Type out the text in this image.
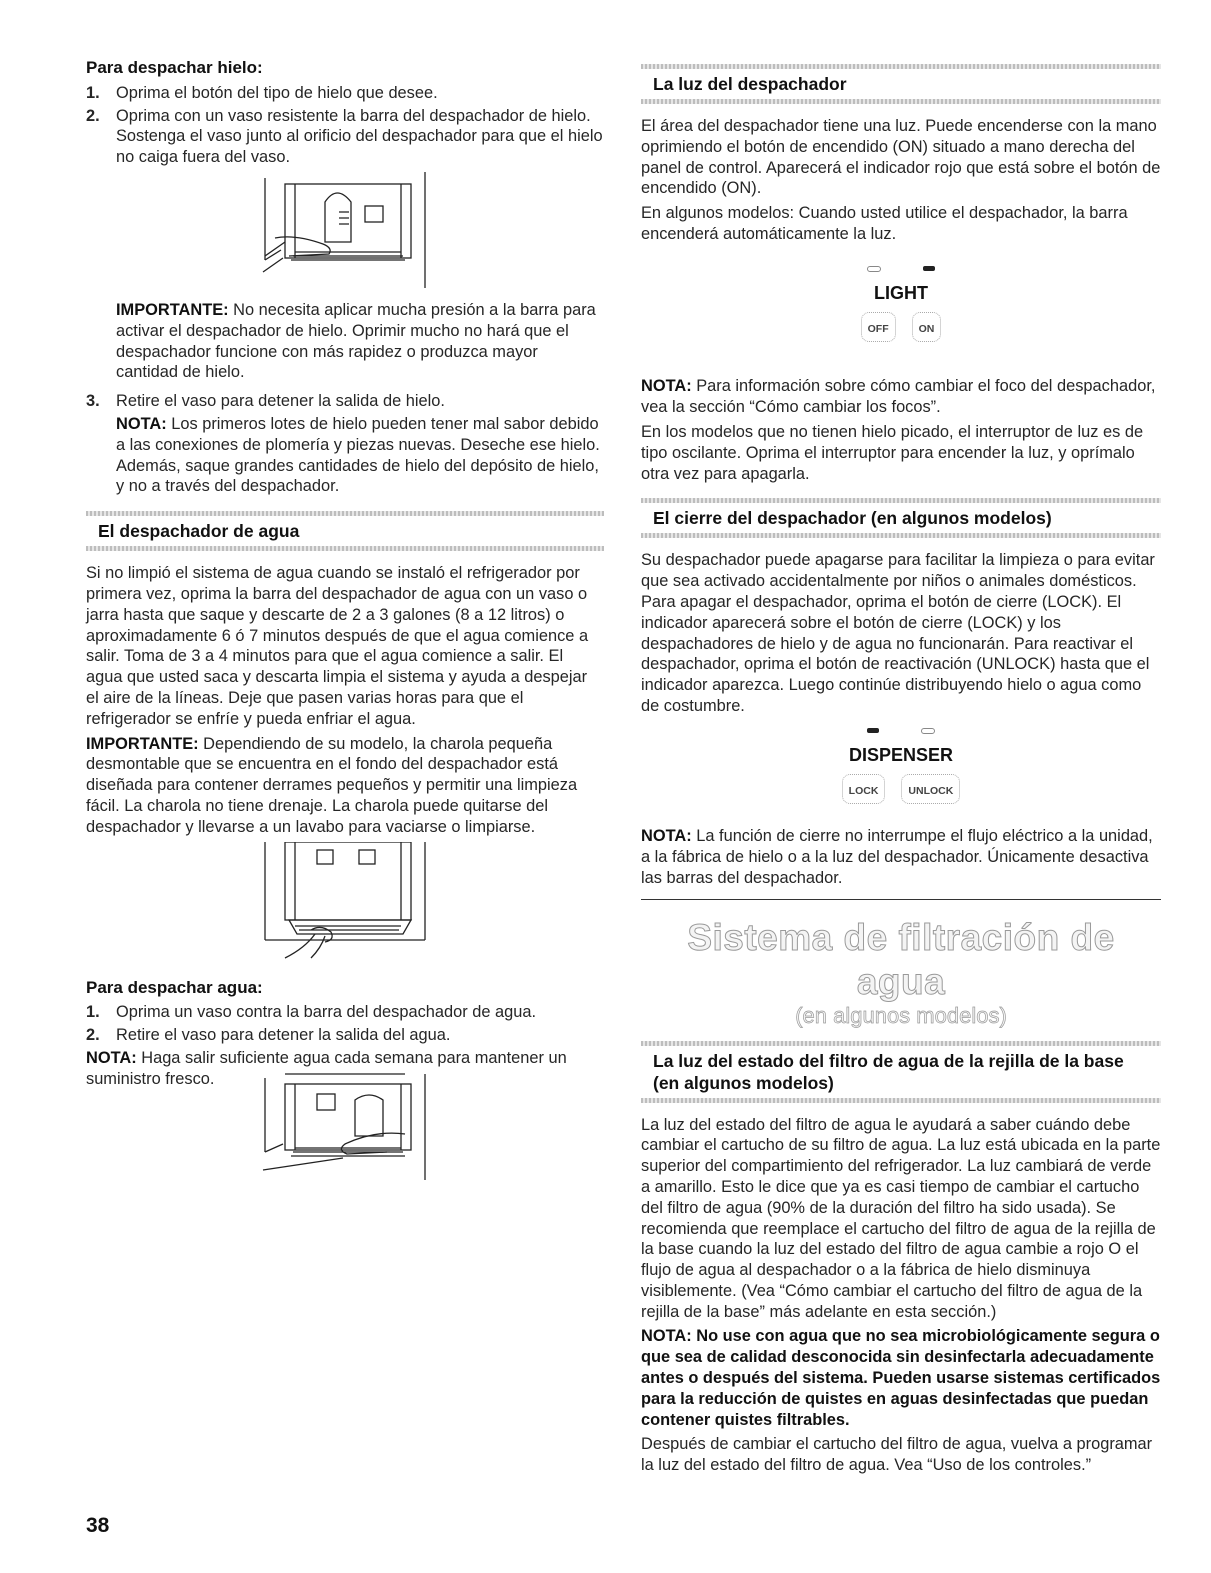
Para despachar hielo:

1. Oprima el botón del tipo de hielo que desee.
2. Oprima con un vaso resistente la barra del despachador de hielo. Sostenga el vaso junto al orificio del despachador para que el hielo no caiga fuera del vaso.

IMPORTANTE: No necesita aplicar mucha presión a la barra para activar el despachador de hielo. Oprimir mucho no hará que el despachador funcione con más rapidez o produzca mayor cantidad de hielo.

3. Retire el vaso para detener la salida de hielo.

NOTA: Los primeros lotes de hielo pueden tener mal sabor debido a las conexiones de plomería y piezas nuevas. Deseche ese hielo. Además, saque grandes cantidades de hielo del depósito de hielo, y no a través del despachador.

El despachador de agua

Si no limpió el sistema de agua cuando se instaló el refrigerador por primera vez, oprima la barra del despachador de agua con un vaso o jarra hasta que saque y descarte de 2 a 3 galones (8 a 12 litros) o aproximadamente 6 ó 7 minutos después de que el agua comience a salir. Toma de 3 a 4 minutos para que el agua comience a salir. El agua que usted saca y descarta limpia el sistema y ayuda a despejar el aire de la líneas. Deje que pasen varias horas para que el refrigerador se enfríe y pueda enfriar el agua.

IMPORTANTE: Dependiendo de su modelo, la charola pequeña desmontable que se encuentra en el fondo del despachador está diseñada para contener derrames pequeños y permitir una limpieza fácil. La charola no tiene drenaje. La charola puede quitarse del despachador y llevarse a un lavabo para vaciarse o limpiarse.

Para despachar agua:

1. Oprima un vaso contra la barra del despachador de agua.
2. Retire el vaso para detener la salida del agua.

NOTA: Haga salir suficiente agua cada semana para mantener un suministro fresco.

La luz del despachador

El área del despachador tiene una luz. Puede encenderse con la mano oprimiendo el botón de encendido (ON) situado a mano derecha del panel de control. Aparecerá el indicador rojo que está sobre el botón de encendido (ON).

En algunos modelos: Cuando usted utilice el despachador, la barra encenderá automáticamente la luz.

LIGHT
OFF	ON

NOTA: Para información sobre cómo cambiar el foco del despachador, vea la sección “Cómo cambiar los focos”.

En los modelos que no tienen hielo picado, el interruptor de luz es de tipo oscilante. Oprima el interruptor para encender la luz, y oprímalo otra vez para apagarla.

El cierre del despachador (en algunos modelos)

Su despachador puede apagarse para facilitar la limpieza o para evitar que sea activado accidentalmente por niños o animales domésticos. Para apagar el despachador, oprima el botón de cierre (LOCK). El indicador aparecerá sobre el botón de cierre (LOCK) y los despachadores de hielo y de agua no funcionarán. Para reactivar el despachador, oprima el botón de reactivación (UNLOCK) hasta que el indicador aparezca. Luego continúe distribuyendo hielo o agua como de costumbre.

DISPENSER
LOCK	UNLOCK

NOTA: La función de cierre no interrumpe el flujo eléctrico a la unidad, a la fábrica de hielo o a la luz del despachador. Únicamente desactiva las barras del despachador.

Sistema de filtración de agua
(en algunos modelos)
La luz del estado del filtro de agua de la rejilla de la base (en algunos modelos)

La luz del estado del filtro de agua le ayudará a saber cuándo debe cambiar el cartucho de su filtro de agua. La luz está ubicada en la parte superior del compartimiento del refrigerador. La luz cambiará de verde a amarillo. Esto le dice que ya es casi tiempo de cambiar el cartucho del filtro de agua (90% de la duración del filtro ha sido usada). Se recomienda que reemplace el cartucho del filtro de agua de la rejilla de la base cuando la luz del estado del filtro de agua cambie a rojo O el flujo de agua al despachador o a la fábrica de hielo disminuya visiblemente. (Vea “Cómo cambiar el cartucho del filtro de agua de la rejilla de la base” más adelante en esta sección.)

NOTA: No use con agua que no sea microbiológicamente segura o que sea de calidad desconocida sin desinfectarla adecuadamente antes o después del sistema. Pueden usarse sistemas certificados para la reducción de quistes en aguas desinfectadas que puedan contener quistes filtrables.

Después de cambiar el cartucho del filtro de agua, vuelva a programar la luz del estado del filtro de agua. Vea “Uso de los controles.”

38
